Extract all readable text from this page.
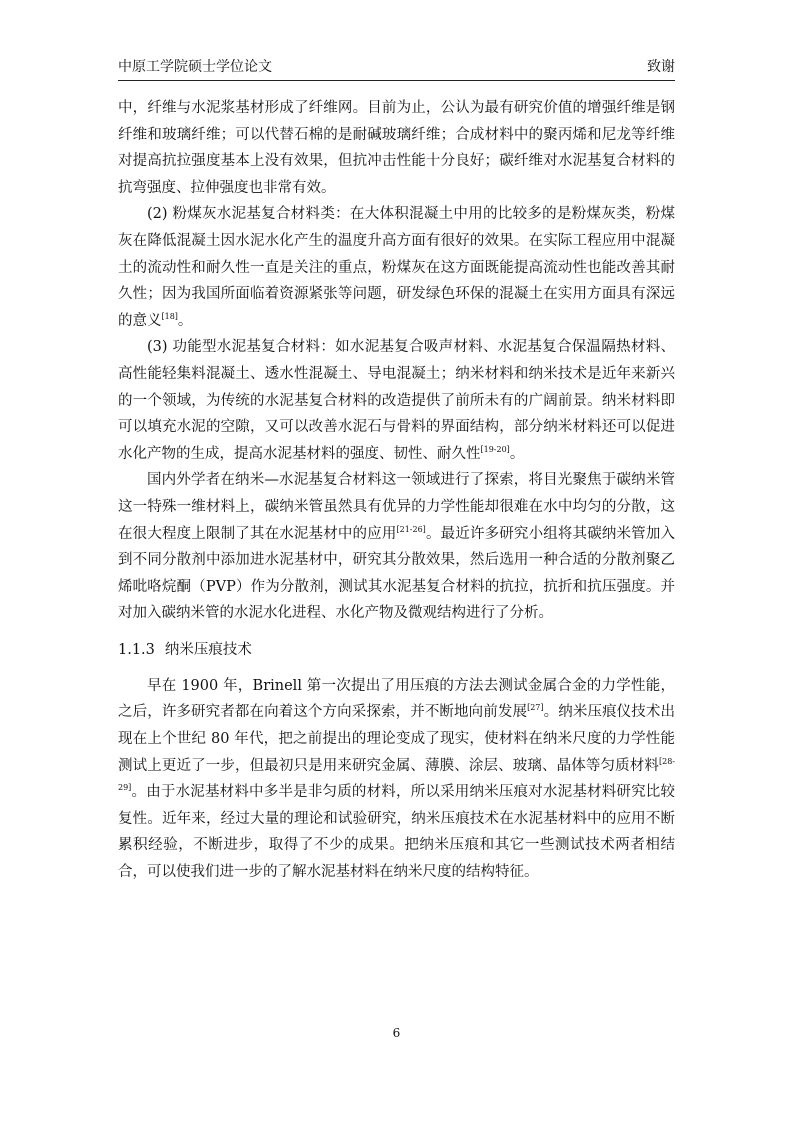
中原工学院硕士学位论文	致谢

中，纤维与水泥浆基材形成了纤维网。目前为止，公认为最有研究价值的增强纤维是钢纤维和玻璃纤维；可以代替石棉的是耐碱玻璃纤维；合成材料中的聚丙烯和尼龙等纤维对提高抗拉强度基本上没有效果，但抗冲击性能十分良好；碳纤维对水泥基复合材料的抗弯强度、拉伸强度也非常有效。

(2) 粉煤灰水泥基复合材料类：在大体积混凝土中用的比较多的是粉煤灰类，粉煤灰在降低混凝土因水泥水化产生的温度升高方面有很好的效果。在实际工程应用中混凝土的流动性和耐久性一直是关注的重点，粉煤灰在这方面既能提高流动性也能改善其耐久性；因为我国所面临着资源紧张等问题，研发绿色环保的混凝土在实用方面具有深远的意义[18]。

(3) 功能型水泥基复合材料：如水泥基复合吸声材料、水泥基复合保温隔热材料、高性能轻集料混凝土、透水性混凝土、导电混凝土；纳米材料和纳米技术是近年来新兴的一个领域，为传统的水泥基复合材料的改造提供了前所未有的广阔前景。纳米材料即可以填充水泥的空隙，又可以改善水泥石与骨料的界面结构，部分纳米材料还可以促进水化产物的生成，提高水泥基材料的强度、韧性、耐久性[19-20]。

国内外学者在纳米—水泥基复合材料这一领域进行了探索，将目光聚焦于碳纳米管这一特殊一维材料上，碳纳米管虽然具有优异的力学性能却很难在水中均匀的分散，这在很大程度上限制了其在水泥基材中的应用[21-26]。最近许多研究小组将其碳纳米管加入到不同分散剂中添加进水泥基材中，研究其分散效果，然后选用一种合适的分散剂聚乙烯吡咯烷酮（PVP）作为分散剂，测试其水泥基复合材料的抗拉，抗折和抗压强度。并对加入碳纳米管的水泥水化进程、水化产物及微观结构进行了分析。

1.1.3 纳米压痕技术

早在 1900 年，Brinell 第一次提出了用压痕的方法去测试金属合金的力学性能，之后，许多研究者都在向着这个方向采探索，并不断地向前发展[27]。纳米压痕仪技术出现在上个世纪 80 年代，把之前提出的理论变成了现实，使材料在纳米尺度的力学性能测试上更近了一步，但最初只是用来研究金属、薄膜、涂层、玻璃、晶体等匀质材料[28-29]。由于水泥基材料中多半是非匀质的材料，所以采用纳米压痕对水泥基材料研究比较复性。近年来，经过大量的理论和试验研究，纳米压痕技术在水泥基材料中的应用不断累积经验，不断进步，取得了不少的成果。把纳米压痕和其它一些测试技术两者相结合，可以使我们进一步的了解水泥基材料在纳米尺度的结构特征。

6
